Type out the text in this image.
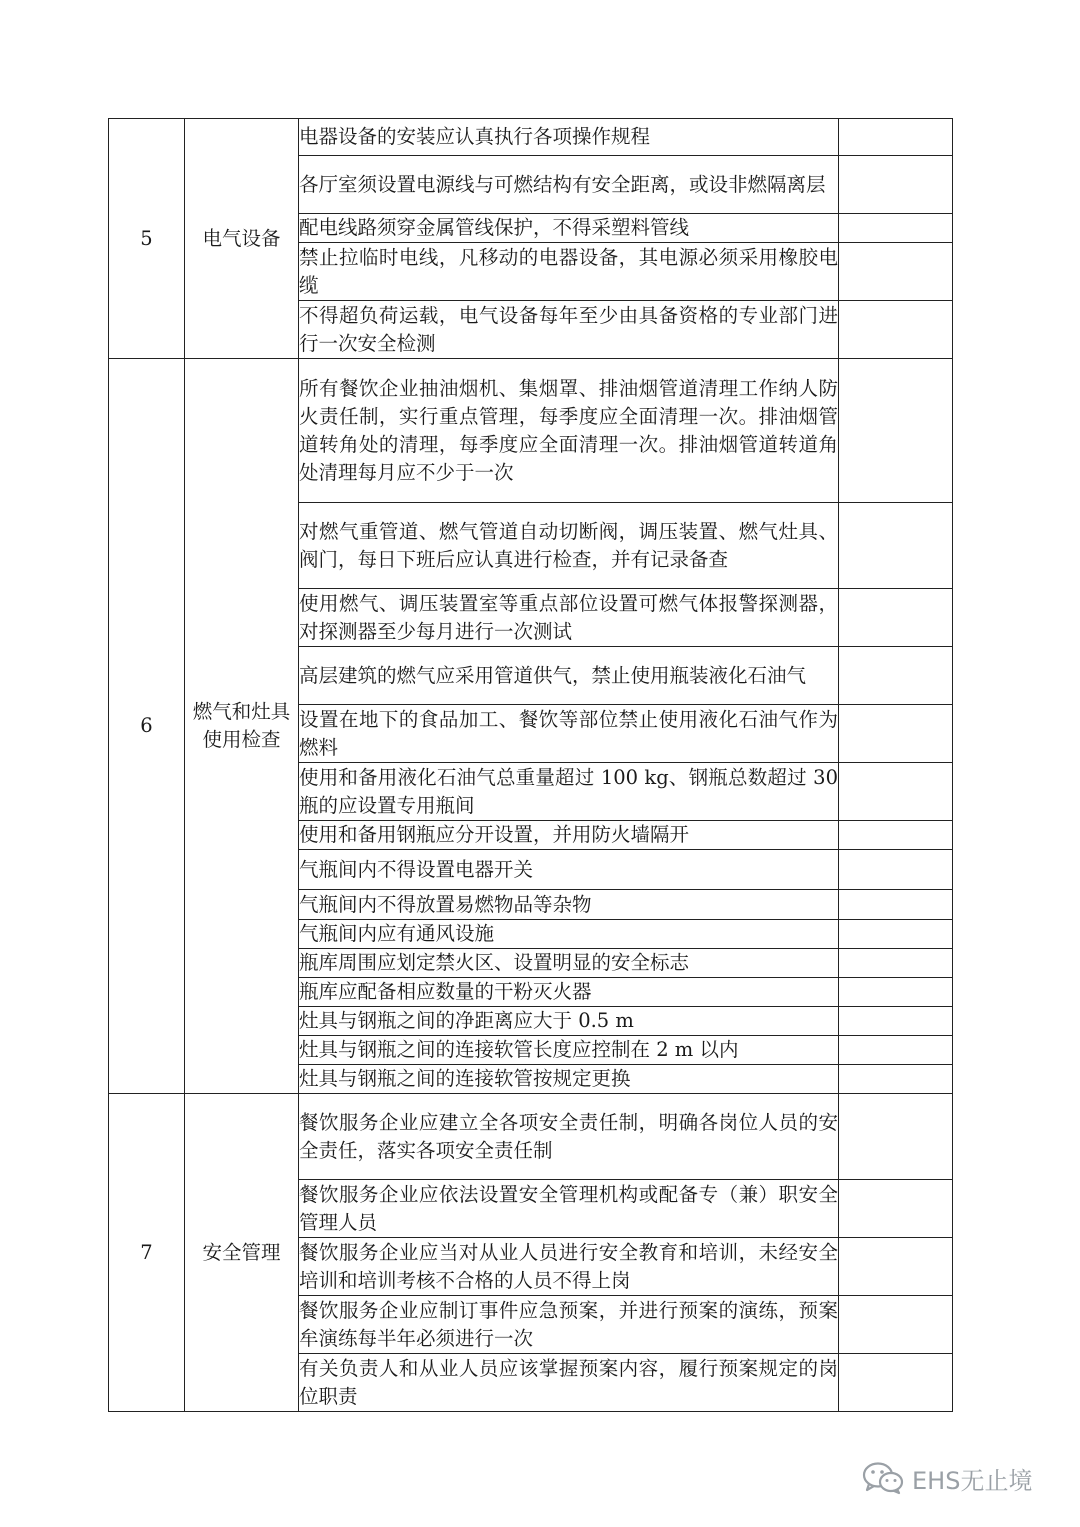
5	电气设备	电器设备的安装应认真执行各项操作规程	
		各厅室须设置电源线与可燃结构有安全距离，或设非燃隔离层	
		配电线路须穿金属管线保护，不得采塑料管线	
		禁止拉临时电线，凡移动的电器设备，其电源必须采用橡胶电缆	
		不得超负荷运载，电气设备每年至少由具备资格的专业部门进行一次安全检测	
6	燃气和灶具使用检查	所有餐饮企业抽油烟机、集烟罩、排油烟管道清理工作纳人防火责任制，实行重点管理，每季度应全面清理一次。排油烟管道转角处的清理，每季度应全面清理一次。排油烟管道转道角处清理每月应不少于一次	
		对燃气重管道、燃气管道自动切断阀，调压装置、燃气灶具、阀门，每日下班后应认真进行检查，并有记录备查	
		使用燃气、调压装置室等重点部位设置可燃气体报警探测器，对探测器至少每月进行一次测试	
		高层建筑的燃气应采用管道供气，禁止使用瓶装液化石油气	
		设置在地下的食品加工、餐饮等部位禁止使用液化石油气作为燃料	
		使用和备用液化石油气总重量超过 100 kg、钢瓶总数超过 30 瓶的应设置专用瓶间	
		使用和备用钢瓶应分开设置，并用防火墙隔开	
		气瓶间内不得设置电器开关	
		气瓶间内不得放置易燃物品等杂物	
		气瓶间内应有通风设施	
		瓶库周围应划定禁火区、设置明显的安全标志	
		瓶库应配备相应数量的干粉灭火器	
		灶具与钢瓶之间的净距离应大于 0.5 m	
		灶具与钢瓶之间的连接软管长度应控制在 2 m 以内	
		灶具与钢瓶之间的连接软管按规定更换	
7	安全管理	餐饮服务企业应建立全各项安全责任制，明确各岗位人员的安全责任，落实各项安全责任制	
		餐饮服务企业应依法设置安全管理机构或配备专（兼）职安全管理人员	
		餐饮服务企业应当对从业人员进行安全教育和培训，未经安全培训和培训考核不合格的人员不得上岗	
		餐饮服务企业应制订事件应急预案，并进行预案的演练，预案牟演练每半年必须进行一次	
		有关负责人和从业人员应该掌握预案内容，履行预案规定的岗位职责	
EHS无止境
